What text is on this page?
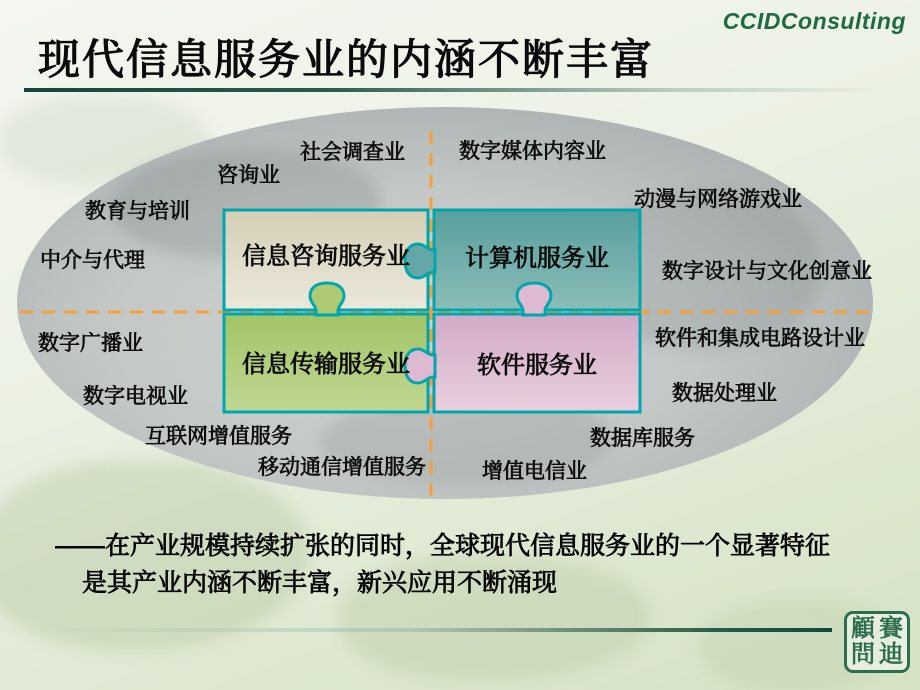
CCIDConsulting
现代信息服务业的内涵不断丰富
信息咨询服务业	计算机服务业
信息传输服务业	软件服务业
社会调查业	数字媒体内容业
咨询业
动漫与网络游戏业
教育与培训
中介与代理	数字设计与文化创意业
数字广播业	软件和集成电路设计业
数字电视业	数据处理业
互联网增值服务	数据库服务
移动通信增值服务	增值电信业
——在产业规模持续扩张的同时，全球现代信息服务业的一个显著特征
是其产业内涵不断丰富，新兴应用不断涌现
顧 賽
問 迪
